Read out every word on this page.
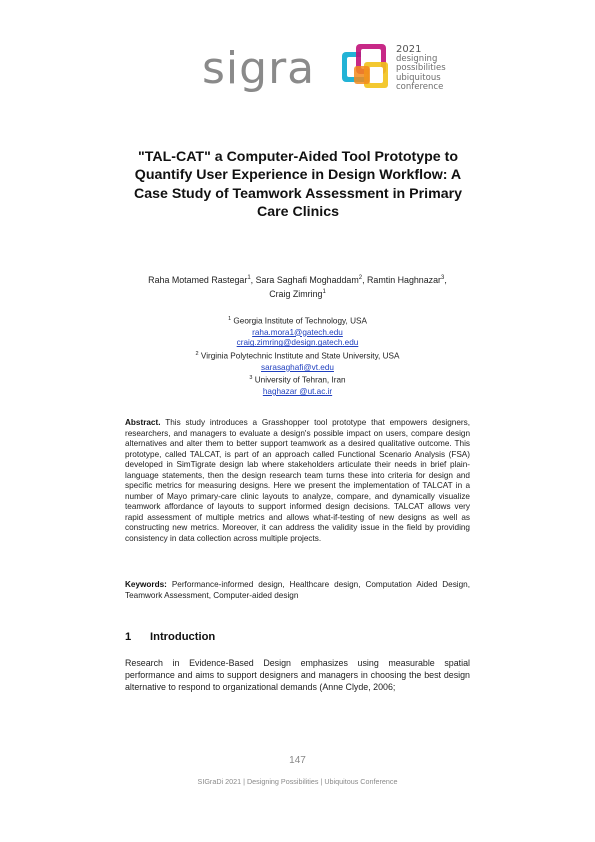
sigra	2021
designing
possibilities
ubiquitous conference
"TAL-CAT" a Computer-Aided Tool Prototype to Quantify User Experience in Design Workflow: A Case Study of Teamwork Assessment in Primary Care Clinics
Raha Motamed Rastegar$^1$, Sara Saghafi Moghaddam$^2$, Ramtin Haghnazar$^3$,
Craig Zimring$^1$
$^1$ Georgia Institute of Technology, USA
raha.mora1@gatech.edu
craig.zimring@design.gatech.edu
$^2$ Virginia Polytechnic Institute and State University, USA
sarasaghafi@vt.edu
$^3$ University of Tehran, Iran
haghazar @ut.ac.ir
Abstract. This study introduces a Grasshopper tool prototype that empowers designers, researchers, and managers to evaluate a design's possible impact on users, compare design alternatives and alter them to better support teamwork as a desired qualitative outcome. This prototype, called TALCAT, is part of an approach called Functional Scenario Analysis (FSA) developed in SimTigrate design lab where stakeholders articulate their needs in brief plain-language statements, then the design research team turns these into criteria for design and specific metrics for measuring designs. Here we present the implementation of TALCAT in a number of Mayo primary-care clinic layouts to analyze, compare, and dynamically visualize teamwork affordance of layouts to support informed design decisions. TALCAT allows very rapid assessment of multiple metrics and allows what-if-testing of new designs as well as constructing new metrics. Moreover, it can address the validity issue in the field by providing consistency in data collection across multiple projects.
Keywords: Performance-informed design, Healthcare design, Computation Aided Design, Teamwork Assessment, Computer-aided design
1 Introduction
Research in Evidence-Based Design emphasizes using measurable spatial performance and aims to support designers and managers in choosing the best design alternative to respond to organizational demands (Anne Clyde, 2006;
147
SIGraDi 2021 | Designing Possibilities | Ubiquitous Conference
